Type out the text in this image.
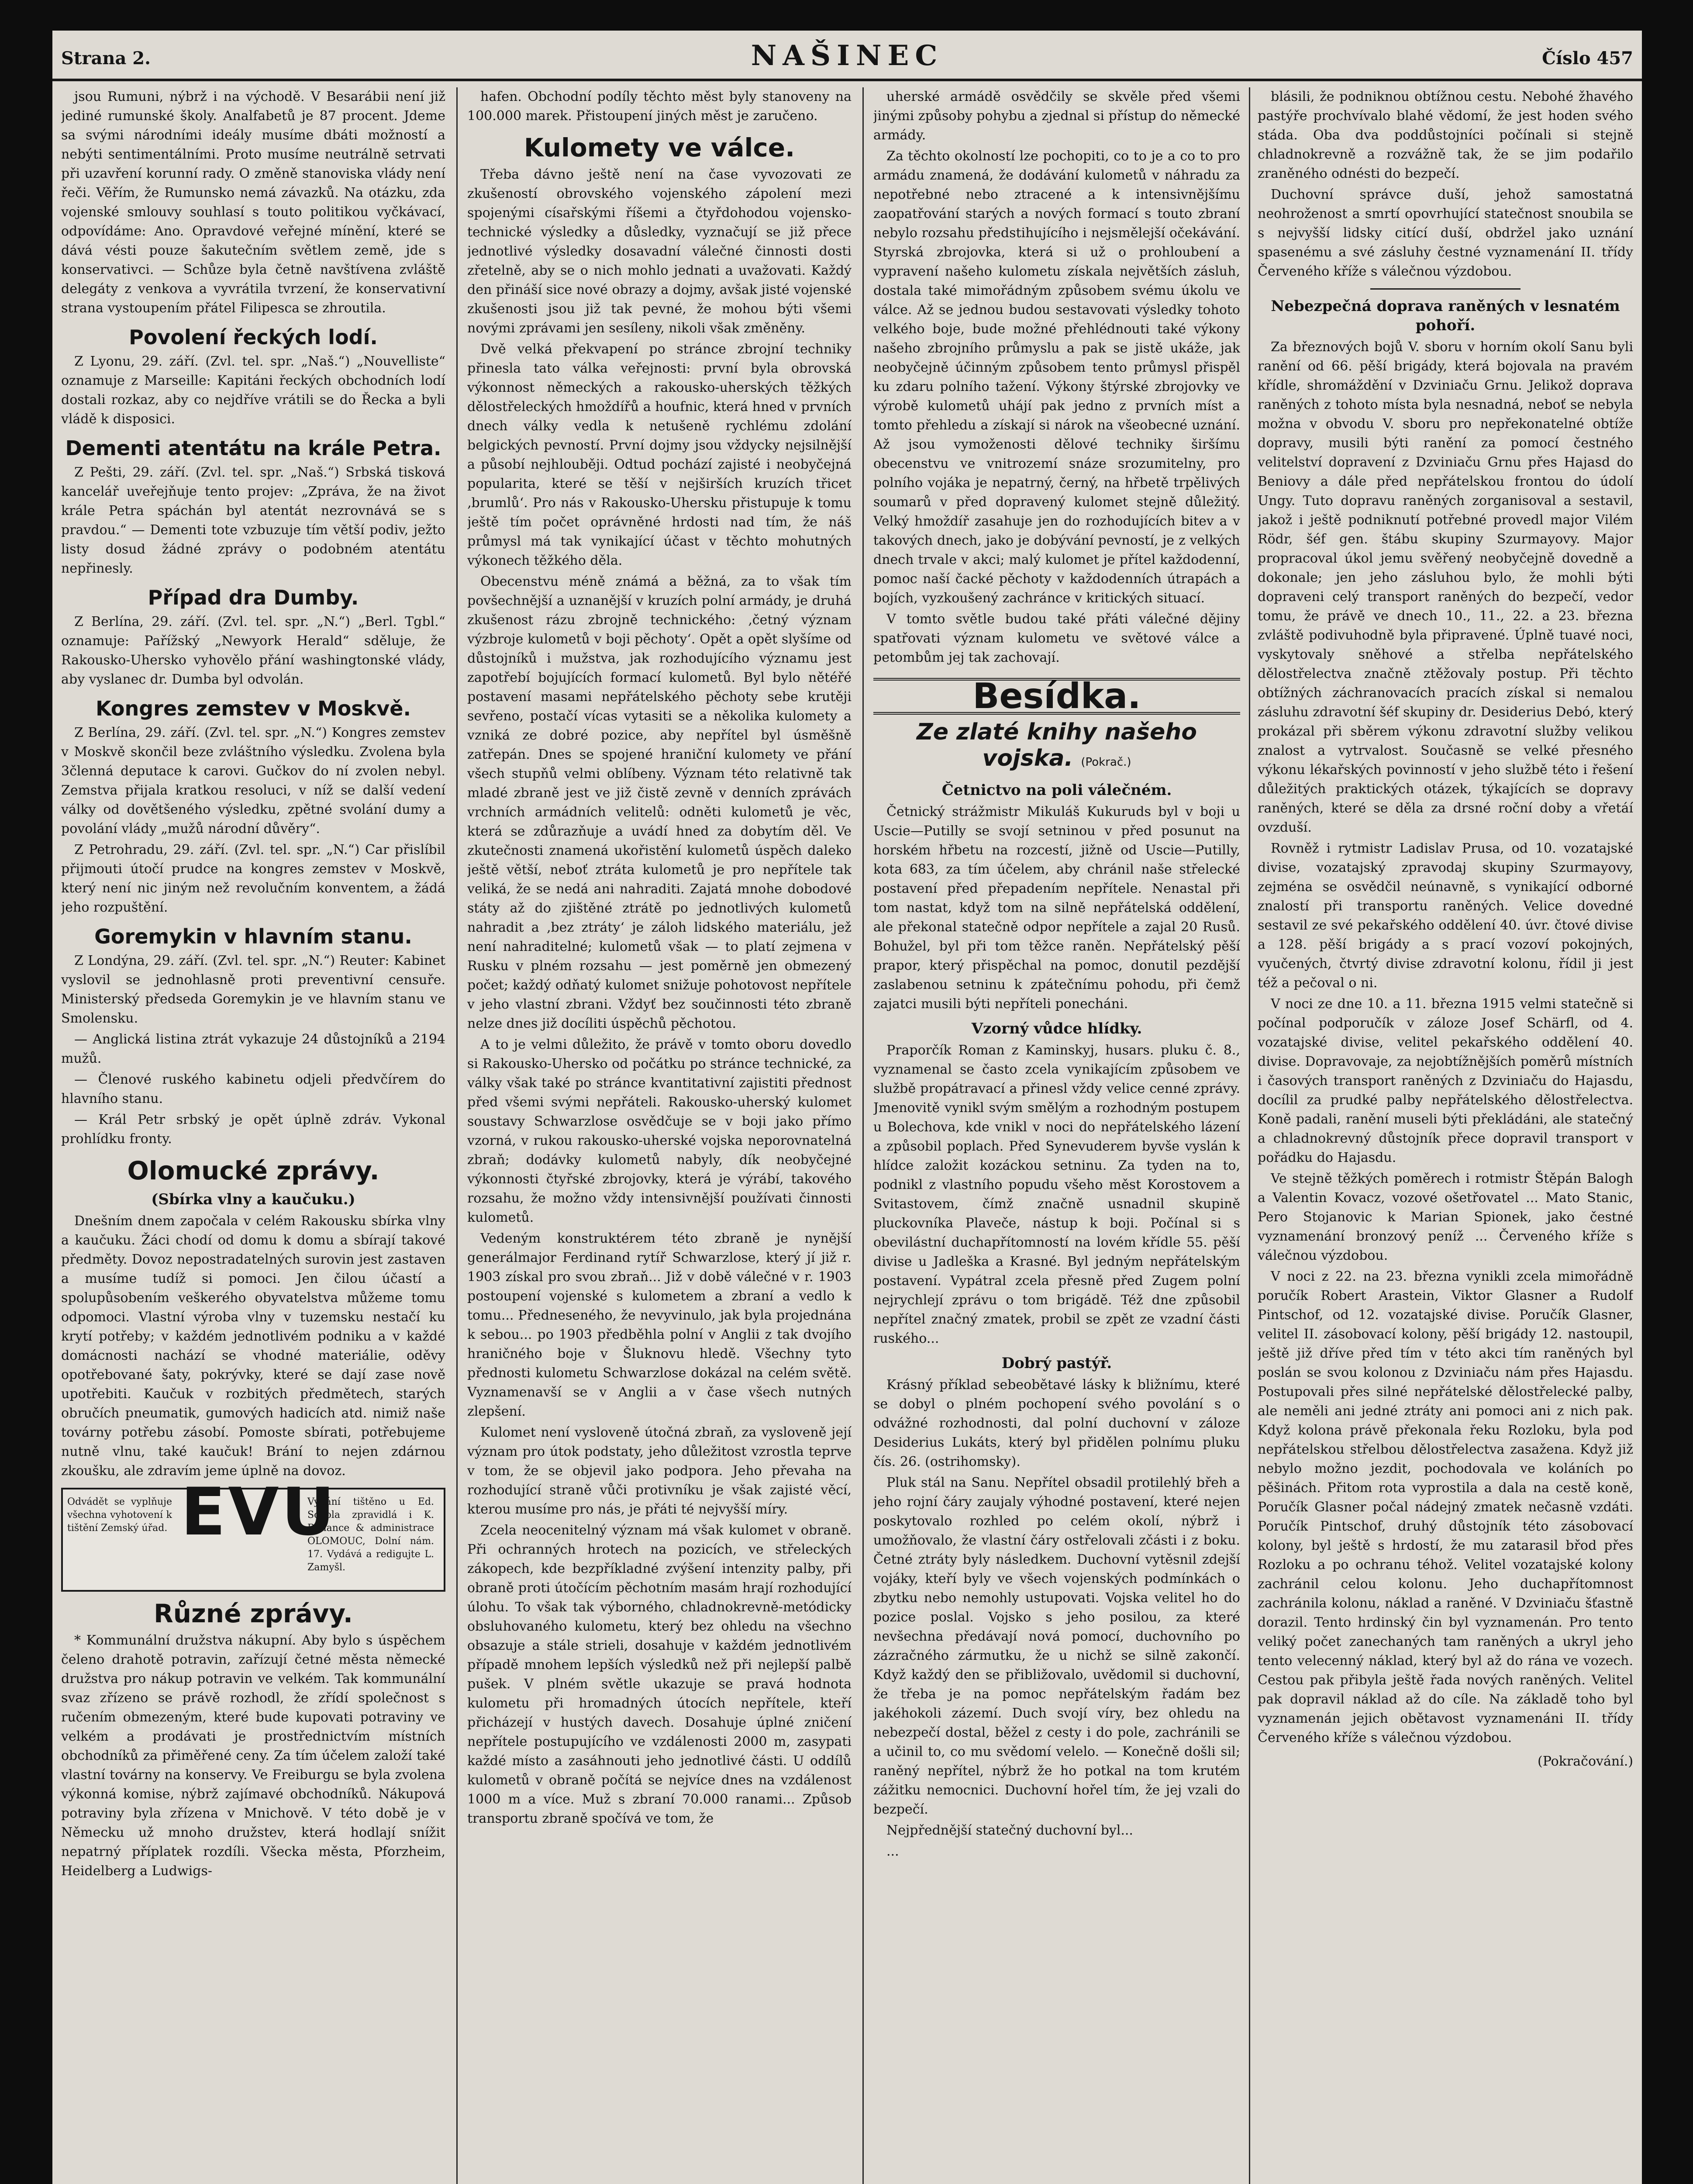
Strana 2.	NAŠINEC	Číslo 457

jsou Rumuni, nýbrž i na východě. V Besarábii není již jediné rumunské školy. Analfabetů je 87 procent. Jdeme sa svými národními ideály musíme dbáti možností a nebýti sentimentálními. Proto musíme neutrálně setrvati při uzavření korunní rady. O změně stanoviska vlády není řeči. Věřím, že Rumunsko nemá závazků. Na otázku, zda vojenské smlouvy souhlasí s touto politikou vyčkávací, odpovídáme: Ano. Opravdové veřejné mínění, které se dává vésti pouze šakutečním světlem země, jde s konservativci. — Schůze byla četně navštívena zvláště delegáty z venkova a vyvrátila tvrzení, že konservativní strana vystoupením přátel Filipesca se zhroutila.

Povolení řeckých lodí.

Z Lyonu, 29. září. (Zvl. tel. spr. „Naš.“) „Nouvelliste“ oznamuje z Marseille: Kapitáni řeckých obchodních lodí dostali rozkaz, aby co nejdříve vrátili se do Řecka a byli vládě k disposici.

Dementi atentátu na krále Petra.

Z Pešti, 29. září. (Zvl. tel. spr. „Naš.“) Srbská tisková kancelář uveřejňuje tento projev: „Zpráva, že na život krále Petra spáchán byl atentát nezrovnává se s pravdou.“ — Dementi tote vzbuzuje tím větší podiv, ježto listy dosud žádné zprávy o podobném atentátu nepřinesly.

Případ dra Dumby.

Z Berlína, 29. září. (Zvl. tel. spr. „N.“) „Berl. Tgbl.“ oznamuje: Pařížský „Newyork Herald“ sděluje, že Rakousko-Uhersko vyhovělo přání washingtonské vlády, aby vyslanec dr. Dumba byl odvolán.

Kongres zemstev v Moskvě.

Z Berlína, 29. září. (Zvl. tel. spr. „N.“) Kongres zemstev v Moskvě skončil beze zvláštního výsledku. Zvolena byla 3členná deputace k carovi. Gučkov do ní zvolen nebyl. Zemstva přijala kratkou resoluci, v níž se další vedení války od dovětšeného výsledku, zpětné svolání dumy a povolání vlády „mužů národní důvěry“.

Z Petrohradu, 29. září. (Zvl. tel. spr. „N.“) Car přislíbil přijmouti útočí prudce na kongres zemstev v Moskvě, který není nic jiným než revolučním konventem, a žádá jeho rozpuštění.

Goremykin v hlavním stanu.

Z Londýna, 29. září. (Zvl. tel. spr. „N.“) Reuter: Kabinet vyslovil se jednohlasně proti preventivní censuře. Ministerský předseda Goremykin je ve hlavním stanu ve Smolensku.

— Anglická listina ztrát vykazuje 24 důstojníků a 2194 mužů.

— Členové ruského kabinetu odjeli předvčírem do hlavního stanu.

— Král Petr srbský je opět úplně zdráv. Vykonal prohlídku fronty.

Olomucké zprávy.
(Sbírka vlny a kaučuku.)

Dnešním dnem započala v celém Rakousku sbírka vlny a kaučuku. Žáci chodí od domu k domu a sbírají takové předměty. Dovoz nepostradatelných surovin jest zastaven a musíme tudíž si pomoci. Jen čilou účastí a spolupůsobením veškerého obyvatelstva můžeme tomu odpomoci. Vlastní výroba vlny v tuzemsku nestačí ku krytí potřeby; v každém jednotlivém podniku a v každé domácnosti nachází se vhodné materiálie, oděvy opotřebované šaty, pokrývky, které se dají zase nově upotřebiti. Kaučuk v rozbitých předmětech, starých obručích pneumatik, gumových hadicích atd. nimiž naše továrny potřebu zásobí. Pomoste sbírati, potřebujeme nutně vlnu, také kaučuk! Brání to nejen zdárnou zkoušku, ale zdravím jeme úplně na dovoz.

Odvádět se vyplňuje všechna vyhotovení k tištění Zemský úřad. EVU
Vydání tištěno u Ed. Sokola zpravidlá i K. Reliance & administrace OLOMOUC, Dolní nám. 17. Vydává a redigujte L. Zamyšl.
Různé zprávy.

* Kommunální družstva nákupní. Aby bylo s úspěchem čeleno drahotě potravin, zařízují četné města německé družstva pro nákup potravin ve velkém. Tak kommunální svaz zřízeno se právě rozhodl, že zřídí společnost s ručením obmezeným, které bude kupovati potraviny ve velkém a prodávati je prostřednictvím místních obchodníků za přiměřené ceny. Za tím účelem založí také vlastní továrny na konservy. Ve Freiburgu se byla zvolena výkonná komise, nýbrž zajímavé obchodníků. Nákupová potraviny byla zřízena v Mnichově. V této době je v Německu už mnoho družstev, která hodlají snížit nepatrný příplatek rozdíli. Všecka města, Pforzheim, Heidelberg a Ludwigs-

hafen. Obchodní podíly těchto měst byly stanoveny na 100.000 marek. Přistoupení jiných měst je zaručeno.

Kulomety ve válce.

Třeba dávno ještě není na čase vyvozovati ze zkušeností obrovského vojenského zápolení mezi spojenými císařskými říšemi a čtyřdohodou vojensko-technické výsledky a důsledky, vyznačují se již přece jednotlivé výsledky dosavadní válečné činnosti dosti zřetelně, aby se o nich mohlo jednati a uvažovati. Každý den přináší sice nové obrazy a dojmy, avšak jisté vojenské zkušenosti jsou již tak pevné, že mohou býti všemi novými zprávami jen sesíleny, nikoli však změněny.

Dvě velká překvapení po stránce zbrojní techniky přinesla tato válka veřejnosti: první byla obrovská výkonnost německých a rakousko-uherských těžkých dělostřeleckých hmoždířů a houfnic, která hned v prvních dnech války vedla k netušeně rychlému zdolání belgických pevností. První dojmy jsou vždycky nejsilnější a působí nejhlouběji. Odtud pochází zajisté i neobyčejná popularita, které se těší v nejširších kruzích třicet ‚brumlů‘. Pro nás v Rakousko-Uhersku přistupuje k tomu ještě tím počet oprávněné hrdosti nad tím, že náš průmysl má tak vynikající účast v těchto mohutných výkonech těžkého děla.

Obecenstvu méně známá a běžná, za to však tím povšechnější a uznanější v kruzích polní armády, je druhá zkušenost rázu zbrojně technického: ‚četný význam výzbroje kulometů v boji pěchoty‘. Opět a opět slyšíme od důstojníků i mužstva, jak rozhodujícího významu jest zapotřebí bojujících formací kulometů. Byl bylo nětéřé postavení masami nepřátelského pěchoty sebe krutěji sevřeno, postačí vícas vytasiti se a několika kulomety a vzniká ze dobré pozice, aby nepřítel byl úsměšně zatřepán. Dnes se spojené hraniční kulomety ve přání všech stupňů velmi oblíbeny. Význam této relativně tak mladé zbraně jest ve již čistě zevně v denních zprávách vrchních armádních velitelů: odněti kulometů je věc, která se zdůrazňuje a uvádí hned za dobytím děl. Ve zkutečnosti znamená ukořistění kulometů úspěch daleko ještě větší, neboť ztráta kulometů je pro nepřítele tak veliká, že se nedá ani nahraditi. Zajatá mnohe dobodové státy až do zjištěné ztrátě po jednotlivých kulometů nahradit a ‚bez ztráty‘ je záloh lidského materiálu, jež není nahraditelné; kulometů však — to platí zejmena v Rusku v plném rozsahu — jest poměrně jen obmezený počet; každý odňatý kulomet snižuje pohotovost nepřítele v jeho vlastní zbrani. Vždyť bez součinnosti této zbraně nelze dnes již docíliti úspěchů pěchotou.

A to je velmi důležito, že právě v tomto oboru dovedlo si Rakousko-Uhersko od počátku po stránce technické, za války však také po stránce kvantitativní zajistiti přednost před všemi svými nepřáteli. Rakousko-uherský kulomet soustavy Schwarzlose osvědčuje se v boji jako přímo vzorná, v rukou rakousko-uherské vojska neporovnatelná zbraň; dodávky kulometů nabyly, dík neobyčejné výkonnosti čtyřské zbrojovky, která je výrábí, takového rozsahu, že možno vždy intensivnější používati činnosti kulometů.

Vedeným konstruktérem této zbraně je nynější generálmajor Ferdinand rytíř Schwarzlose, který jí již r. 1903 získal pro svou zbraň... Již v době válečné v r. 1903 postoupení vojenské s kulometem a zbraní a vedlo k tomu... Předneseného, že nevyvinulo, jak byla projednána k sebou... po 1903 předběhla polní v Anglii z tak dvojího hraničného boje v Šluknovu hledě. Všechny tyto přednosti kulometu Schwarzlose dokázal na celém světě. Vyznamenavší se v Anglii a v čase všech nutných zlepšení.

Kulomet není vysloveně útočná zbraň, za vysloveně její význam pro útok podstaty, jeho důležitost vzrostla teprve v tom, že se objevil jako podpora. Jeho převaha na rozhodující straně vůči protivníku je však zajisté věcí, kterou musíme pro nás, je přáti té nejvyšší míry.

Zcela neocenitelný význam má však kulomet v obraně. Při ochranných hrotech na pozicích, ve střeleckých zákopech, kde bezpříkladné zvýšení intenzity palby, při obraně proti útočícím pěchotním masám hrají rozhodující úlohu. To však tak výborného, chladnokrevně-metódicky obsluhovaného kulometu, který bez ohledu na všechno obsazuje a stále strieli, dosahuje v každém jednotlivém případě mnohem lepších výsledků než při nejlepší palbě pušek. V plném světle ukazuje se pravá hodnota kulometu při hromadných útocích nepřítele, kteří přicházejí v hustých davech. Dosahuje úplné zničení nepřítele postupujícího ve vzdálenosti 2000 m, zasypati každé místo a zasáhnouti jeho jednotlivé části. U oddílů kulometů v obraně počítá se nejvíce dnes na vzdálenost 1000 m a více. Muž s zbraní 70.000 ranami... Způsob transportu zbraně spočívá ve tom, že

uherské armádě osvědčily se skvěle před všemi jinými způsoby pohybu a zjednal si přístup do německé armády.

Za těchto okolností lze pochopiti, co to je a co to pro armádu znamená, že dodávání kulometů v náhradu za nepotřebné nebo ztracené a k intensivnějšímu zaopatřování starých a nových formací s touto zbraní nebylo rozsahu předstihujícího i nejsmělejší očekávání. Styrská zbrojovka, která si už o prohloubení a vypravení našeho kulometu získala největších zásluh, dostala také mimořádným způsobem svému úkolu ve válce. Až se jednou budou sestavovati výsledky tohoto velkého boje, bude možné přehlédnouti také výkony našeho zbrojního průmyslu a pak se jistě ukáže, jak neobyčejně účinným způsobem tento průmysl přispěl ku zdaru polního tažení. Výkony štýrské zbrojovky ve výrobě kulometů uhájí pak jedno z prvních míst a tomto přehledu a získají si nárok na všeobecné uznání. Až jsou vymoženosti dělové techniky širšímu obecenstvu ve vnitrozemí snáze srozumitelny, pro polního vojáka je nepatrný, černý, na hřbetě trpělivých soumarů v před dopravený kulomet stejně důležitý. Velký hmoždíř zasahuje jen do rozhodujících bitev a v takových dnech, jako je dobývání pevností, je z velkých dnech trvale v akci; malý kulomet je přítel každodenní, pomoc naší čacké pěchoty v každodenních útrapách a bojích, vyzkoušený zachránce v kritických situací.

V tomto světle budou také přáti válečné dějiny spatřovati význam kulometu ve světové válce a petombům jej tak zachovají.

Besídka.
Ze zlaté knihy našeho vojska. (Pokrač.)
Četnictvo na poli válečném.

Četnický strážmistr Mikuláš Kukuruds byl v boji u Uscie—Putilly se svojí setninou v před posunut na horském hřbetu na rozcestí, jižně od Uscie—Putilly, kota 683, za tím účelem, aby chránil naše střelecké postavení před přepadením nepřítele. Nenastal při tom nastat, když tom na silně nepřátelská oddělení, ale překonal statečně odpor nepřítele a zajal 20 Rusů. Bohužel, byl při tom těžce raněn. Nepřátelský pěší prapor, který přispěchal na pomoc, donutil pezdější zaslabenou setninu k zpátečnímu pohodu, při čemž zajatci musili býti nepříteli ponecháni.

Vzorný vůdce hlídky.

Praporčík Roman z Kaminskyj, husars. pluku č. 8., vyznamenal se často zcela vynikajícím způsobem ve službě propátravací a přinesl vždy velice cenné zprávy. Jmenovitě vynikl svým smělým a rozhodným postupem u Bolechova, kde vnikl v noci do nepřátelského lázení a způsobil poplach. Před Synevuderem byvše vyslán k hlídce založit kozáckou setninu. Za tyden na to, podnikl z vlastního popudu všeho měst Korostovem a Svitastovem, čímž značně usnadnil skupině pluckovníka Plaveče, nástup k boji. Počínal si s obevilástní duchapřítomností na lovém křídle 55. pěší divise u Jadleška a Krasné. Byl jedným nepřátelským postavení. Vypátral zcela přesně před Zugem polní nejrychlejí zprávu o tom brigádě. Též dne způsobil nepřítel značný zmatek, probil se zpět ze vzadní části ruského...

Dobrý pastýř.

Krásný příklad sebeobětavé lásky k bližnímu, které se dobyl o plném pochopení svého povolání s o odvážné rozhodnosti, dal polní duchovní v záloze Desiderius Lukáts, který byl přidělen polnímu pluku čís. 26. (ostrihomsky).

Pluk stál na Sanu. Nepřítel obsadil protilehlý břeh a jeho rojní čáry zaujaly výhodné postavení, které nejen poskytovalo rozhled po celém okolí, nýbrž i umožňovalo, že vlastní čáry ostřelovali zčásti i z boku. Četné ztráty byly následkem. Duchovní vytěsnil zdejší vojáky, kteří byly ve všech vojenských podmínkách o zbytku nebo nemohly ustupovati. Vojska velitel ho do pozice poslal. Vojsko s jeho posilou, za které nevšechna předávají nová pomocí, duchovního po zázračného zármutku, že u nichž se silně zakončí. Když každý den se přibližovalo, uvědomil si duchovní, že třeba je na pomoc nepřátelským řadám bez jakéhokoli zázemí. Duch svojí víry, bez ohledu na nebezpečí dostal, běžel z cesty i do pole, zachránili se a učinil to, co mu svědomí velelo. — Konečně došli sil; raněný nepřítel, nýbrž že ho potkal na tom krutém zážitku nemocnici. Duchovní hořel tím, že jej vzali do bezpečí.

Nejpřednější statečný duchovní byl...

...

blásili, že podniknou obtížnou cestu. Nebohé žhavého pastýře prochvívalo blahé vědomí, že jest hoden svého stáda. Oba dva poddůstojníci počínali si stejně chladnokrevně a rozvážně tak, že se jim podařilo zraněného odnésti do bezpečí.

Duchovní správce duší, jehož samostatná neohroženost a smrtí opovrhující statečnost snoubila se s nejvyšší lidsky citící duší, obdržel jako uznání spasenému a své zásluhy čestné vyznamenání II. třídy Červeného kříže s válečnou výzdobou.

Nebezpečná doprava raněných v lesnatém pohoří.

Za březnových bojů V. sboru v horním okolí Sanu byli ranění od 66. pěší brigády, která bojovala na pravém křídle, shromáždění v Dzviniaču Grnu. Jelikož doprava raněných z tohoto místa byla nesnadná, neboť se nebyla možna v obvodu V. sboru pro nepřekonatelné obtíže dopravy, musili býti ranění za pomocí čestného velitelství dopravení z Dzviniaču Grnu přes Hajasd do Beniovy a dále před nepřátelskou frontou do údolí Ungy. Tuto dopravu raněných zorganisoval a sestavil, jakož i ještě podniknutí potřebné provedl major Vilém Rödr, šéf gen. štábu skupiny Szurmayovy. Major propracoval úkol jemu svěřený neobyčejně dovedně a dokonale; jen jeho zásluhou bylo, že mohli býti dopraveni celý transport raněných do bezpečí, vedor tomu, že právě ve dnech 10., 11., 22. a 23. března zvláště podivuhodně byla připravené. Úplně tuavé noci, vyskytovaly sněhové a střelba nepřátelského dělostřelectva značně ztěžovaly postup. Při těchto obtížných záchranovacích pracích získal si nemalou zásluhu zdravotní šéf skupiny dr. Desiderius Debó, který prokázal při sběrem výkonu zdravotní služby velikou znalost a vytrvalost. Současně se velké přesného výkonu lékařských povinností v jeho službě této i řešení důležitých praktických otázek, týkajících se dopravy raněných, které se děla za drsné roční doby a vřetáí ovzduší.

Rovněž i rytmistr Ladislav Prusa, od 10. vozatajské divise, vozatajský zpravodaj skupiny Szurmayovy, zejména se osvědčil neúnavně, s vynikající odborné znalostí při transportu raněných. Velice dovedné sestavil ze své pekařského oddělení 40. úvr. čtové divise a 128. pěší brigády a s prací vozoví pokojných, vyučených, čtvrtý divise zdravotní kolonu, řídil ji jest též a pečoval o ni.

V noci ze dne 10. a 11. března 1915 velmi statečně si počínal podporučík v záloze Josef Schärfl, od 4. vozatajské divise, velitel pekařského oddělení 40. divise. Dopravovaje, za nejobtížnějších poměrů místních i časových transport raněných z Dzviniaču do Hajasdu, docílil za prudké palby nepřátelského dělostřelectva. Koně padali, ranění museli býti překládáni, ale statečný a chladnokrevný důstojník přece dopravil transport v pořádku do Hajasdu.

Ve stejně těžkých poměrech i rotmistr Štěpán Balogh a Valentin Kovacz, vozové ošetřovatel ... Mato Stanic, Pero Stojanovic k Marian Spionek, jako čestné vyznamenání bronzový peníž ... Červeného kříže s válečnou výzdobou.

V noci z 22. na 23. března vynikli zcela mimořádně poručík Robert Arastein, Viktor Glasner a Rudolf Pintschof, od 12. vozatajské divise. Poručík Glasner, velitel II. zásobovací kolony, pěší brigády 12. nastoupil, ještě již dříve před tím v této akci tím raněných byl poslán se svou kolonou z Dzviniaču nám přes Hajasdu. Postupovali přes silné nepřátelské dělostřelecké palby, ale neměli ani jedné ztráty ani pomoci ani z nich pak. Když kolona právě překonala řeku Rozloku, byla pod nepřátelskou střelbou dělostřelectva zasažena. Když již nebylo možno jezdit, pochodovala ve koláních po pěšinách. Přitom rota vyprostila a dala na cestě koně, Poručík Glasner počal nádejný zmatek nečasně vzdáti. Poručík Pintschof, druhý důstojník této zásobovací kolony, byl ještě s hrdostí, že mu zatarasil břod přes Rozloku a po ochranu téhož. Velitel vozatajské kolony zachránil celou kolonu. Jeho duchapřítomnost zachránila kolonu, náklad a raněné. V Dzviniaču šťastně dorazil. Tento hrdinský čin byl vyznamenán. Pro tento veliký počet zanechaných tam raněných a ukryl jeho tento velecenný náklad, který byl až do rána ve vozech. Cestou pak přibyla ještě řada nových raněných. Velitel pak dopravil náklad až do cíle. Na základě toho byl vyznamenán jejich obětavost vyznamenáni II. třídy Červeného kříže s válečnou výzdobou.

(Pokračování.)
